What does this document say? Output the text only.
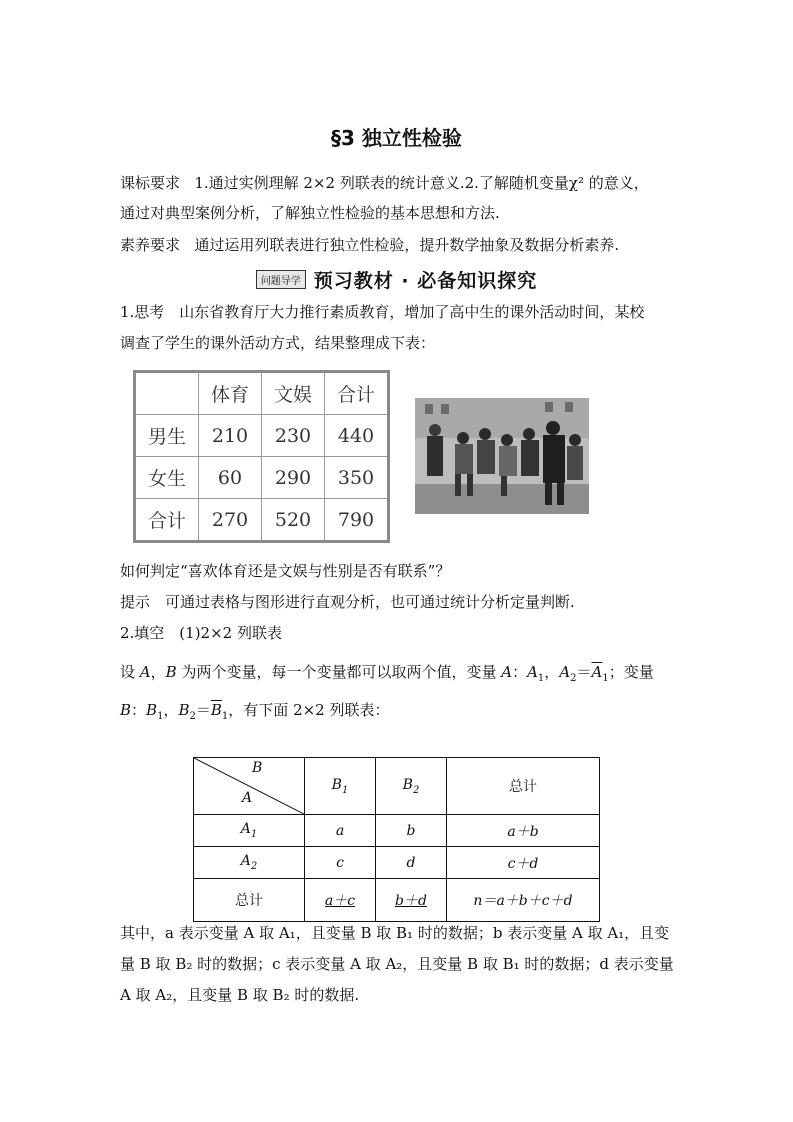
§3 独立性检验
课标要求 1.通过实例理解 2×2 列联表的统计意义.2.了解随机变量χ² 的意义，
通过对典型案例分析，了解独立性检验的基本思想和方法.
素养要求 通过运用列联表进行独立性检验，提升数学抽象及数据分析素养.
问题导学 预习教材 · 必备知识探究
1.思考　山东省教育厅大力推行素质教育，增加了高中生的课外活动时间，某校
调查了学生的课外活动方式，结果整理成下表：
	体育	文娱	合计
男生	210	230	440
女生	60	290	350
合计	270	520	790
如何判定“喜欢体育还是文娱与性别是否有联系”？
提示　可通过表格与图形进行直观分析，也可通过统计分析定量判断.
2.填空　(1)2×2 列联表
设 A，B 为两个变量，每一个变量都可以取两个值，变量 A：$A_1$，$A_2=\overline{A}_1$；变量
B：$B_1$，$B_2=\overline{B}_1$，有下面 2×2 列联表：
B
A	$B_1$	$B_2$	总计
$A_1$	a	b	a＋b
$A_2$	c	d	c＋d
总计	a＋c	b＋d	n＝a＋b＋c＋d
其中，a 表示变量 A 取 A₁，且变量 B 取 B₁ 时的数据；b 表示变量 A 取 A₁，且变
量 B 取 B₂ 时的数据；c 表示变量 A 取 A₂，且变量 B 取 B₁ 时的数据；d 表示变量
A 取 A₂，且变量 B 取 B₂ 时的数据.
